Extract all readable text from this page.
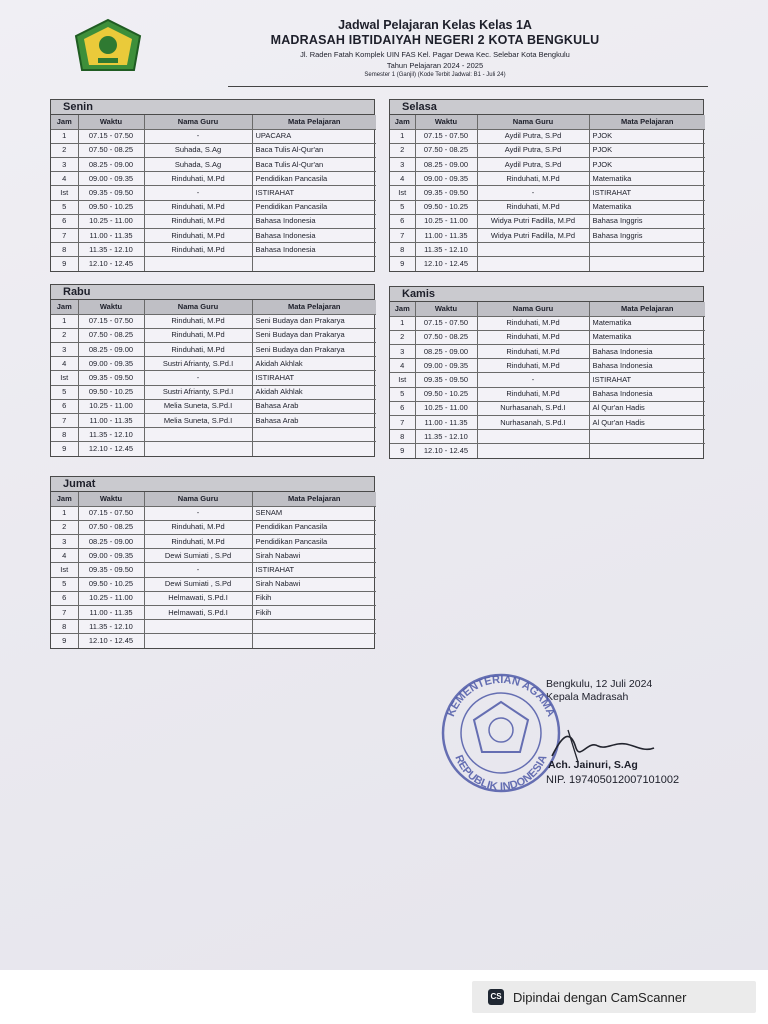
Jadwal Pelajaran Kelas Kelas 1A
MADRASAH IBTIDAIYAH NEGERI 2 KOTA BENGKULU
Jl. Raden Fatah Komplek UIN FAS Kel. Pagar Dewa Kec. Selebar Kota Bengkulu
Tahun Pelajaran 2024 - 2025
Semester 1 (Ganjil) (Kode Terbit Jadwal: B1 - Juli 24)
Senin
Jam	Waktu	Nama Guru	Mata Pelajaran
1	07.15 - 07.50	-	UPACARA
2	07.50 - 08.25	Suhada, S.Ag	Baca Tulis Al-Qur'an
3	08.25 - 09.00	Suhada, S.Ag	Baca Tulis Al-Qur'an
4	09.00 - 09.35	Rinduhati, M.Pd	Pendidikan Pancasila
Ist	09.35 - 09.50	-	ISTIRAHAT
5	09.50 - 10.25	Rinduhati, M.Pd	Pendidikan Pancasila
6	10.25 - 11.00	Rinduhati, M.Pd	Bahasa Indonesia
7	11.00 - 11.35	Rinduhati, M.Pd	Bahasa Indonesia
8	11.35 - 12.10	Rinduhati, M.Pd	Bahasa Indonesia
9	12.10 - 12.45		
Selasa
Jam	Waktu	Nama Guru	Mata Pelajaran
1	07.15 - 07.50	Aydil Putra, S.Pd	PJOK
2	07.50 - 08.25	Aydil Putra, S.Pd	PJOK
3	08.25 - 09.00	Aydil Putra, S.Pd	PJOK
4	09.00 - 09.35	Rinduhati, M.Pd	Matematika
Ist	09.35 - 09.50	-	ISTIRAHAT
5	09.50 - 10.25	Rinduhati, M.Pd	Matematika
6	10.25 - 11.00	Widya Putri Fadilla, M.Pd	Bahasa Inggris
7	11.00 - 11.35	Widya Putri Fadilla, M.Pd	Bahasa Inggris
8	11.35 - 12.10		
9	12.10 - 12.45		
Rabu
Jam	Waktu	Nama Guru	Mata Pelajaran
1	07.15 - 07.50	Rinduhati, M.Pd	Seni Budaya dan Prakarya
2	07.50 - 08.25	Rinduhati, M.Pd	Seni Budaya dan Prakarya
3	08.25 - 09.00	Rinduhati, M.Pd	Seni Budaya dan Prakarya
4	09.00 - 09.35	Sustri Afrianty, S.Pd.I	Akidah Akhlak
Ist	09.35 - 09.50	-	ISTIRAHAT
5	09.50 - 10.25	Sustri Afrianty, S.Pd.I	Akidah Akhlak
6	10.25 - 11.00	Melia Suneta, S.Pd.I	Bahasa Arab
7	11.00 - 11.35	Melia Suneta, S.Pd.I	Bahasa Arab
8	11.35 - 12.10		
9	12.10 - 12.45		
Kamis
Jam	Waktu	Nama Guru	Mata Pelajaran
1	07.15 - 07.50	Rinduhati, M.Pd	Matematika
2	07.50 - 08.25	Rinduhati, M.Pd	Matematika
3	08.25 - 09.00	Rinduhati, M.Pd	Bahasa Indonesia
4	09.00 - 09.35	Rinduhati, M.Pd	Bahasa Indonesia
Ist	09.35 - 09.50	-	ISTIRAHAT
5	09.50 - 10.25	Rinduhati, M.Pd	Bahasa Indonesia
6	10.25 - 11.00	Nurhasanah, S.Pd.I	Al Qur'an Hadis
7	11.00 - 11.35	Nurhasanah, S.Pd.I	Al Qur'an Hadis
8	11.35 - 12.10		
9	12.10 - 12.45		
Jumat
Jam	Waktu	Nama Guru	Mata Pelajaran
1	07.15 - 07.50	-	SENAM
2	07.50 - 08.25	Rinduhati, M.Pd	Pendidikan Pancasila
3	08.25 - 09.00	Rinduhati, M.Pd	Pendidikan Pancasila
4	09.00 - 09.35	Dewi Sumiati , S.Pd	Sirah Nabawi
Ist	09.35 - 09.50	-	ISTIRAHAT
5	09.50 - 10.25	Dewi Sumiati , S.Pd	Sirah Nabawi
6	10.25 - 11.00	Helmawati, S.Pd.I	Fikih
7	11.00 - 11.35	Helmawati, S.Pd.I	Fikih
8	11.35 - 12.10		
9	12.10 - 12.45		
Bengkulu, 12 Juli 2024
Kepala Madrasah
KEMENTERIAN AGAMA
REPUBLIK INDONESIA
Ach. Jainuri, S.Ag
NIP. 197405012007101002
CS Dipindai dengan CamScanner
